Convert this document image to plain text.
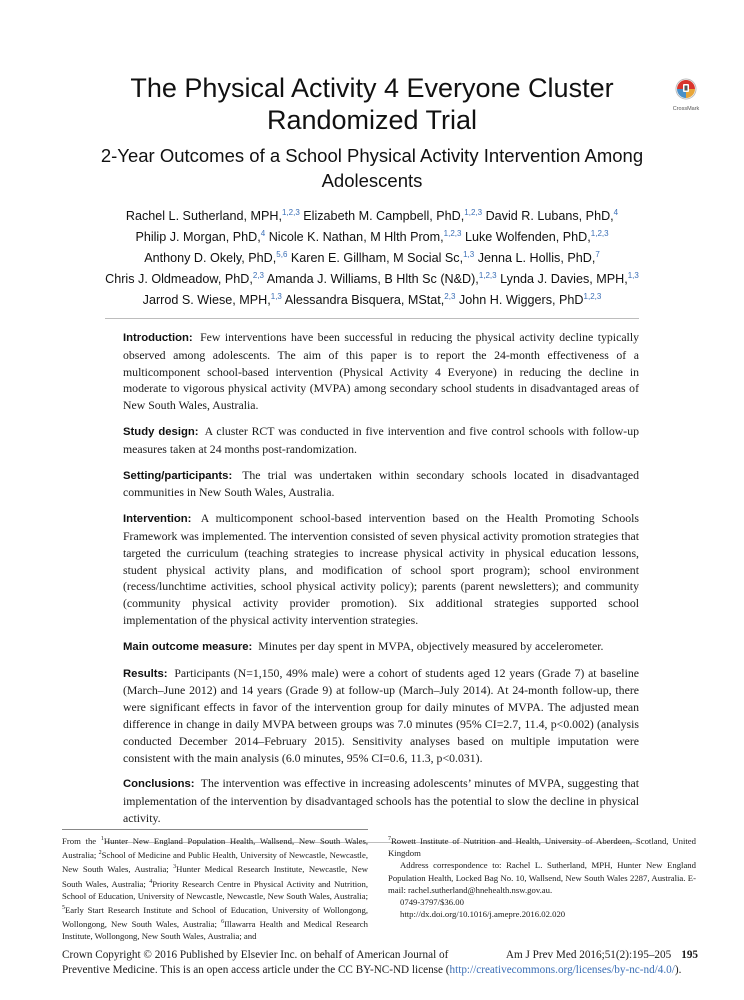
The Physical Activity 4 Everyone Cluster Randomized Trial	CrossMark
2-Year Outcomes of a School Physical Activity Intervention Among Adolescents
Rachel L. Sutherland, MPH,$^{1,2,3}$ Elizabeth M. Campbell, PhD,$^{1,2,3}$ David R. Lubans, PhD,$^4$
Philip J. Morgan, PhD,$^4$ Nicole K. Nathan, M Hlth Prom,$^{1,2,3}$ Luke Wolfenden, PhD,$^{1,2,3}$
Anthony D. Okely, PhD,$^{5,6}$ Karen E. Gillham, M Social Sc,$^{1,3}$ Jenna L. Hollis, PhD,$^7$
Chris J. Oldmeadow, PhD,$^{2,3}$ Amanda J. Williams, B Hlth Sc (N&D),$^{1,2,3}$ Lynda J. Davies, MPH,$^{1,3}$
Jarrod S. Wiese, MPH,$^{1,3}$ Alessandra Bisquera, MStat,$^{2,3}$ John H. Wiggers, PhD$^{1,2,3}$

Introduction: Few interventions have been successful in reducing the physical activity decline typically observed among adolescents. The aim of this paper is to report the 24-month effectiveness of a multicomponent school-based intervention (Physical Activity 4 Everyone) in reducing the decline in moderate to vigorous physical activity (MVPA) among secondary school students in disadvantaged areas of New South Wales, Australia.

Study design: A cluster RCT was conducted in five intervention and five control schools with follow-up measures taken at 24 months post-randomization.

Setting/participants: The trial was undertaken within secondary schools located in disadvantaged communities in New South Wales, Australia.

Intervention: A multicomponent school-based intervention based on the Health Promoting Schools Framework was implemented. The intervention consisted of seven physical activity promotion strategies that targeted the curriculum (teaching strategies to increase physical activity in physical education lessons, student physical activity plans, and modification of school sport program); school environment (recess/lunchtime activities, school physical activity policy); parents (parent newsletters); and community (community physical activity provider promotion). Six additional strategies supported school implementation of the physical activity intervention strategies.

Main outcome measure: Minutes per day spent in MVPA, objectively measured by accelerometer.

Results: Participants (N=1,150, 49% male) were a cohort of students aged 12 years (Grade 7) at baseline (March–June 2012) and 14 years (Grade 9) at follow-up (March–July 2014). At 24-month follow-up, there were significant effects in favor of the intervention group for daily minutes of MVPA. The adjusted mean difference in change in daily MVPA between groups was 7.0 minutes (95% CI=2.7, 11.4, p<0.002) (analysis conducted December 2014–February 2015). Sensitivity analyses based on multiple imputation were consistent with the main analysis (6.0 minutes, 95% CI=0.6, 11.3, p<0.031).

Conclusions: The intervention was effective in increasing adolescents’ minutes of MVPA, suggesting that implementation of the intervention by disadvantaged schools has the potential to slow the decline in physical activity.

From the $^1$Hunter New England Population Health, Wallsend, New South Wales, Australia; $^2$School of Medicine and Public Health, University of Newcastle, Newcastle, New South Wales, Australia; $^3$Hunter Medical Research Institute, Newcastle, New South Wales, Australia; $^4$Priority Research Centre in Physical Activity and Nutrition, School of Education, University of Newcastle, Newcastle, New South Wales, Australia; $^5$Early Start Research Institute and School of Education, University of Wollongong, Wollongong, New South Wales, Australia; $^6$Illawarra Health and Medical Research Institute, Wollongong, New South Wales, Australia; and

$^7$Rowett Institute of Nutrition and Health, University of Aberdeen, Scotland, United Kingdom

Address correspondence to: Rachel L. Sutherland, MPH, Hunter New England Population Health, Locked Bag No. 10, Wallsend, New South Wales 2287, Australia. E-mail: rachel.sutherland@hnehealth.nsw.gov.au.

0749-3797/$36.00

http://dx.doi.org/10.1016/j.amepre.2016.02.020

Crown Copyright © 2016 Published by Elsevier Inc. on behalf of American Journal of	Am J Prev Med 2016;51(2):195–205 195
Preventive Medicine. This is an open access article under the CC BY-NC-ND license (http://creativecommons.org/licenses/by-nc-nd/4.0/).
